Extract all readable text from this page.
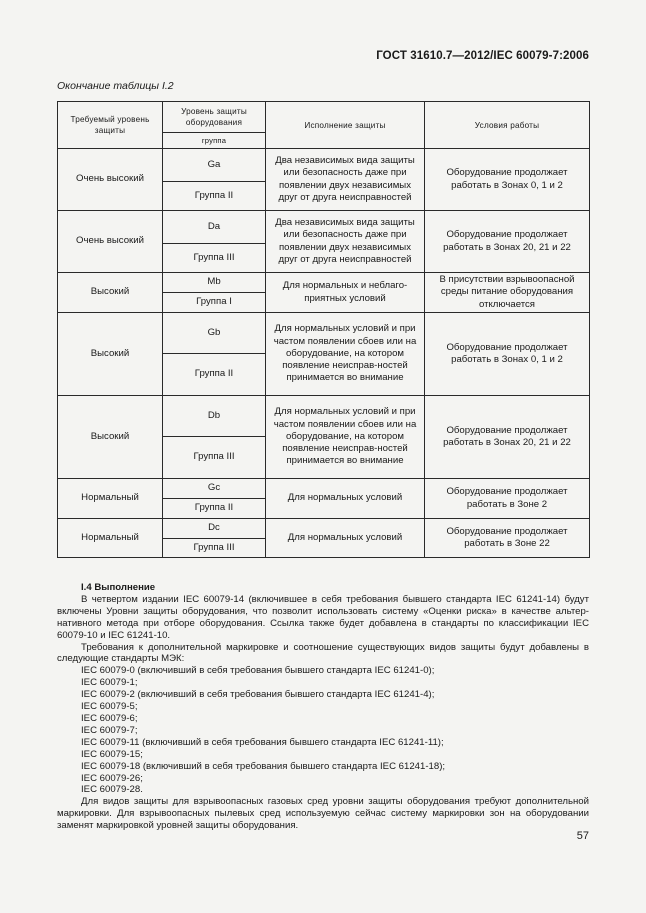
ГОСТ 31610.7—2012/IEC 60079-7:2006
Окончание таблицы I.2
Требуемый уровень защиты	Уровень защиты оборудования	Исполнение защиты	Условия работы
	группа		
Очень высокий	Ga	Два независимых вида защиты или безопасность даже при появлении двух независимых друг от друга неисправностей	Оборудование продолжает работать в Зонах 0, 1 и 2
	Группа II		
Очень высокий	Da	Два независимых вида защиты или безопасность даже при появлении двух независимых друг от друга неисправностей	Оборудование продолжает работать в Зонах 20, 21 и 22
	Группа III		
Высокий	Mb	Для нормальных и неблаго-приятных условий	В присутствии взрывоопасной среды питание оборудования отключается
	Группа I		
Высокий	Gb	Для нормальных условий и при частом появлении сбоев или на оборудование, на котором появление неисправ-ностей принимается во внимание	Оборудование продолжает работать в Зонах 0, 1 и 2
	Группа II		
Высокий	Db	Для нормальных условий и при частом появлении сбоев или на оборудование, на котором появление неисправ-ностей принимается во внимание	Оборудование продолжает работать в Зонах 20, 21 и 22
	Группа III		
Нормальный	Gc	Для нормальных условий	Оборудование продолжает работать в Зоне 2
	Группа II		
Нормальный	Dc	Для нормальных условий	Оборудование продолжает работать в Зоне 22
	Группа III		

I.4 Выполнение

В четвертом издании IEC 60079-14 (включившее в себя требования бывшего стандарта IEC 61241-14) будут включены Уровни защиты оборудования, что позволит использовать систему «Оценки риска» в качестве альтер-нативного метода при отборе оборудования. Ссылка также будет добавлена в стандарты по классификации IEC 60079-10 и IEC 61241-10.

Требования к дополнительной маркировке и соотношение существующих видов защиты будут добавлены в следующие стандарты МЭК:

IEC 60079-0 (включивший в себя требования бывшего стандарта IEC 61241-0);

IEC 60079-1;

IEC 60079-2 (включивший в себя требования бывшего стандарта IEC 61241-4);

IEC 60079-5;

IEC 60079-6;

IEC 60079-7;

IEC 60079-11 (включивший в себя требования бывшего стандарта IEC 61241-11);

IEC 60079-15;

IEC 60079-18 (включивший в себя требования бывшего стандарта IEC 61241-18);

IEC 60079-26;

IEC 60079-28.

Для видов защиты для взрывоопасных газовых сред уровни защиты оборудования требуют дополнительной маркировки. Для взрывоопасных пылевых сред используемую сейчас систему маркировки зон на оборудовании заменят маркировкой уровней защиты оборудования.

57
